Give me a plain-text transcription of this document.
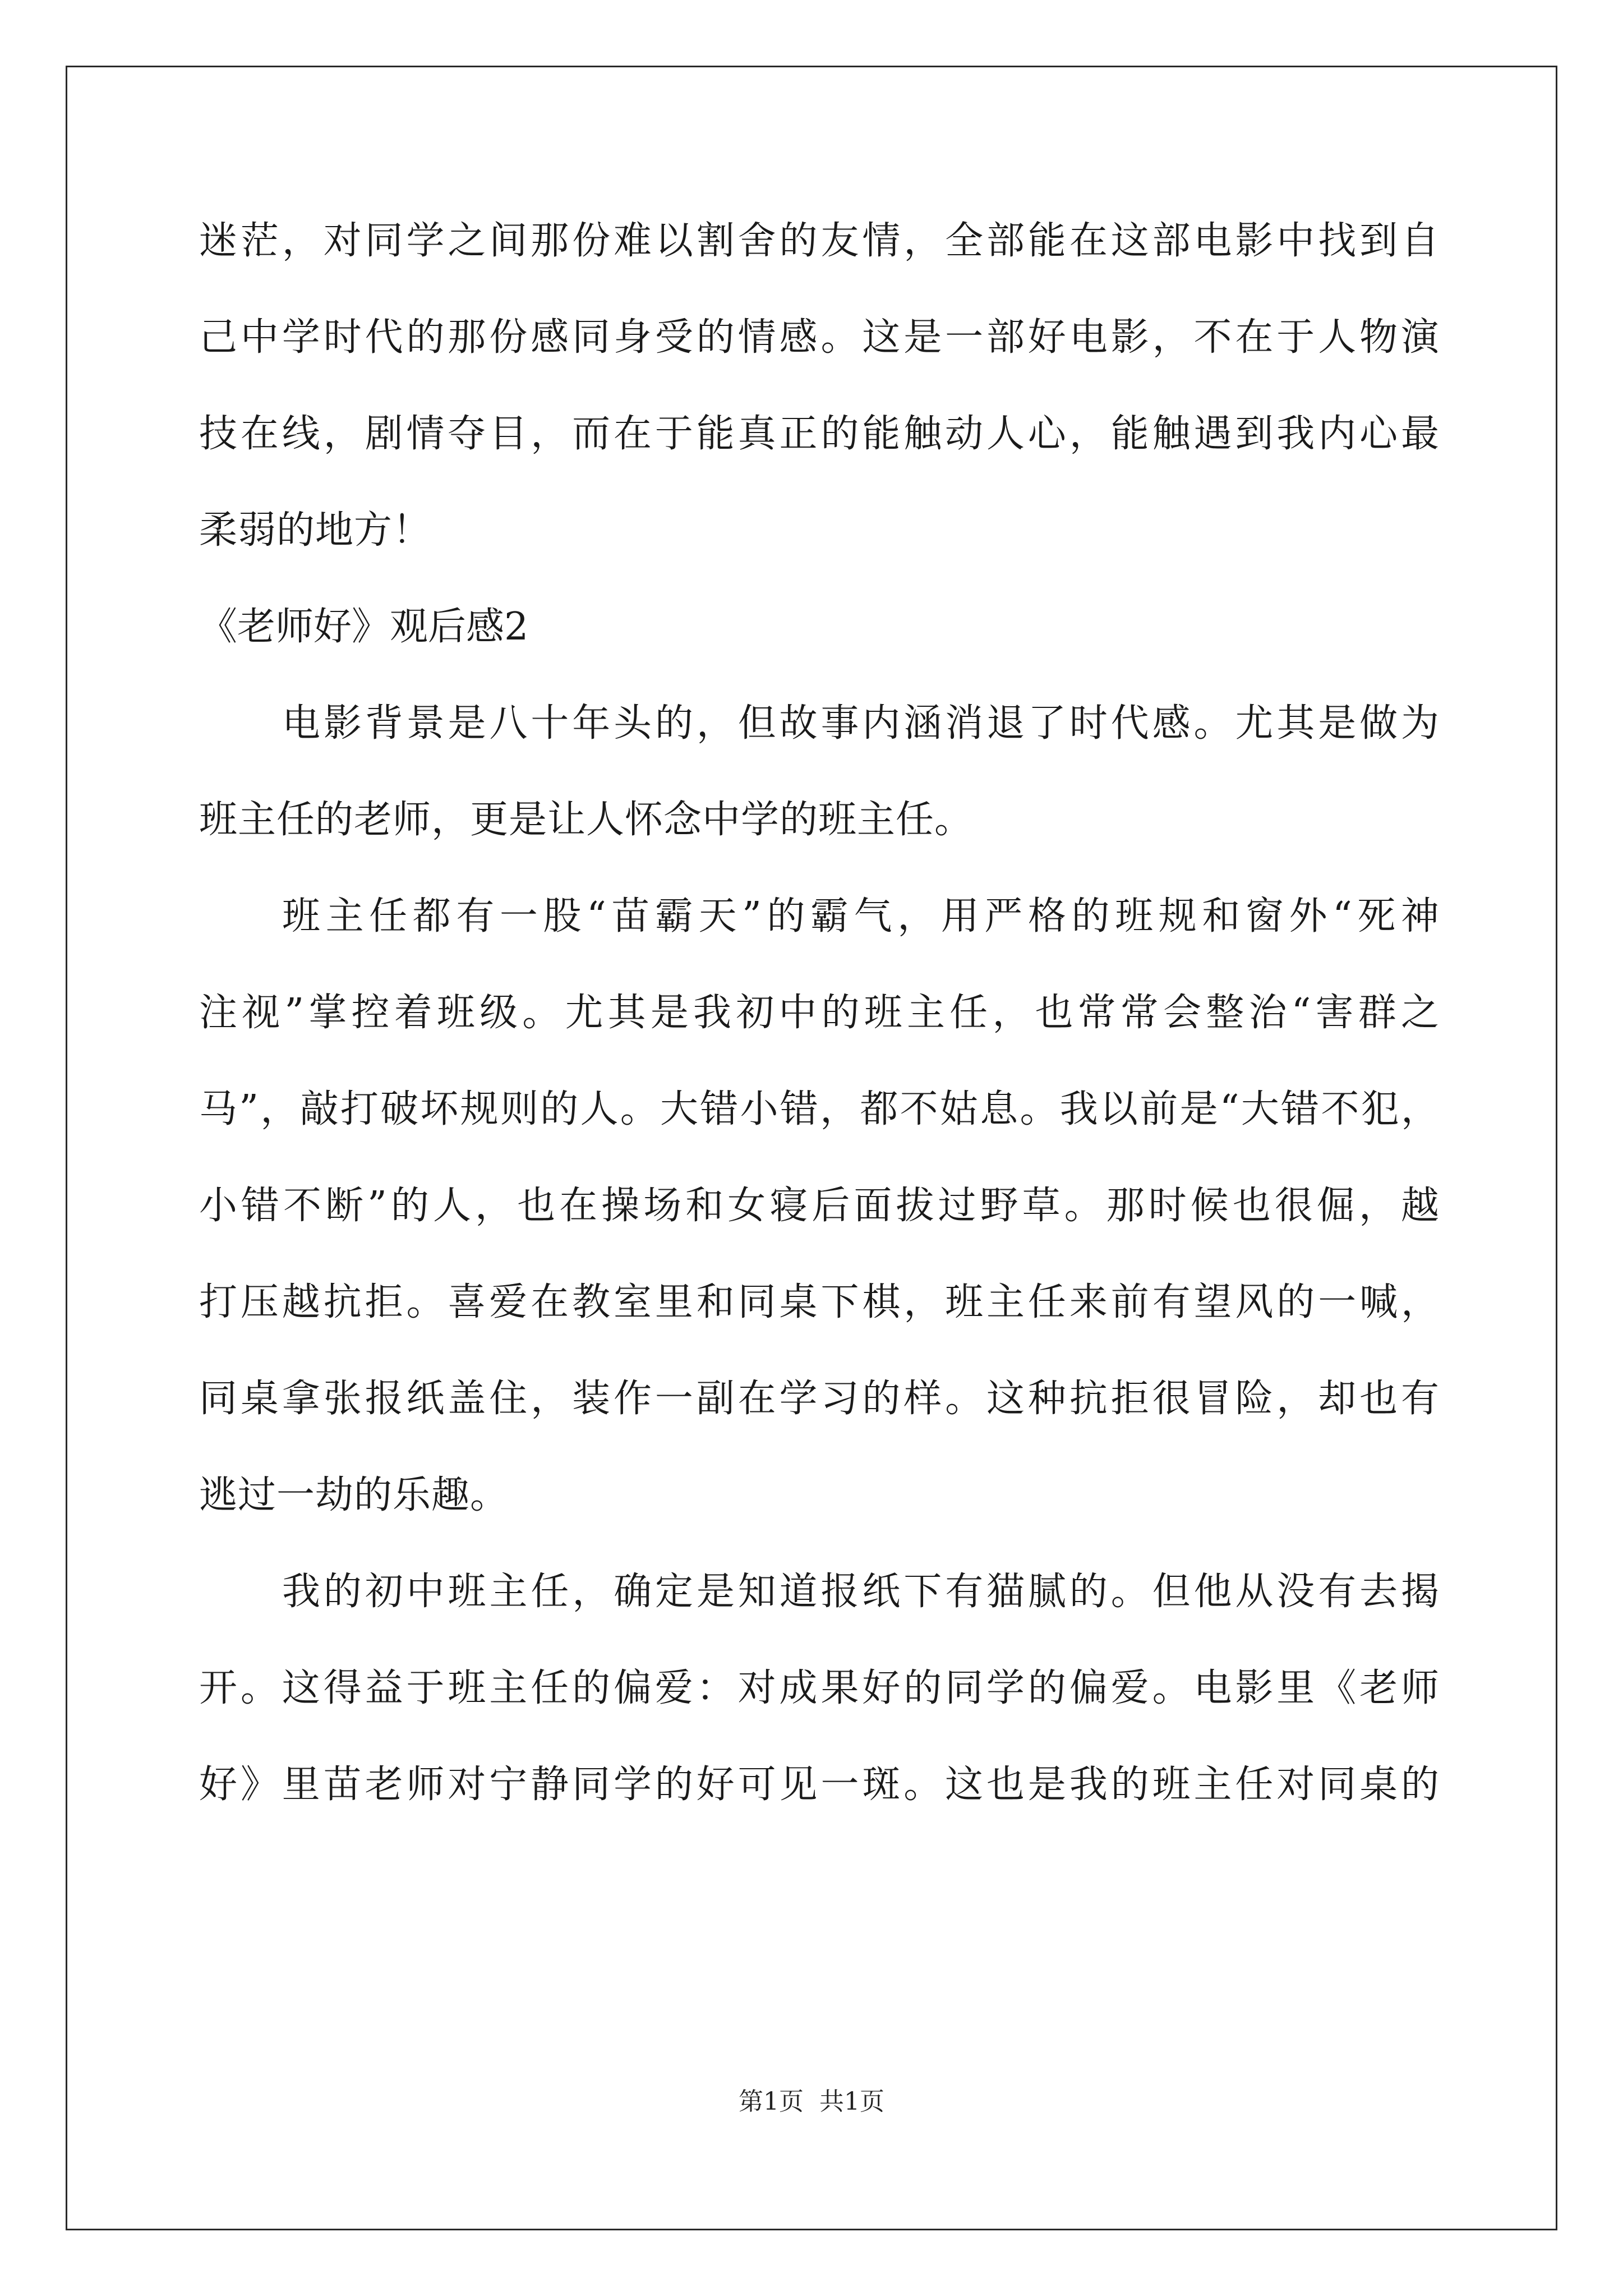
迷茫，对同学之间那份难以割舍的友情，全部能在这部电影中找到自
己中学时代的那份感同身受的情感。这是一部好电影，不在于人物演
技在线，剧情夺目，而在于能真正的能触动人心，能触遇到我内心最
柔弱的地方！
《老师好》观后感2
电影背景是八十年头的，但故事内涵消退了时代感。尤其是做为
班主任的老师，更是让人怀念中学的班主任。
班主任都有一股“苗霸天”的霸气，用严格的班规和窗外“死神
注视”掌控着班级。尤其是我初中的班主任，也常常会整治“害群之
马”，敲打破坏规则的人。大错小错，都不姑息。我以前是“大错不犯，
小错不断”的人，也在操场和女寝后面拔过野草。那时候也很倔，越
打压越抗拒。喜爱在教室里和同桌下棋，班主任来前有望风的一喊，
同桌拿张报纸盖住，装作一副在学习的样。这种抗拒很冒险，却也有
逃过一劫的乐趣。
我的初中班主任，确定是知道报纸下有猫腻的。但他从没有去揭
开。这得益于班主任的偏爱：对成果好的同学的偏爱。电影里《老师
好》里苗老师对宁静同学的好可见一斑。这也是我的班主任对同桌的
第1页  共1页
